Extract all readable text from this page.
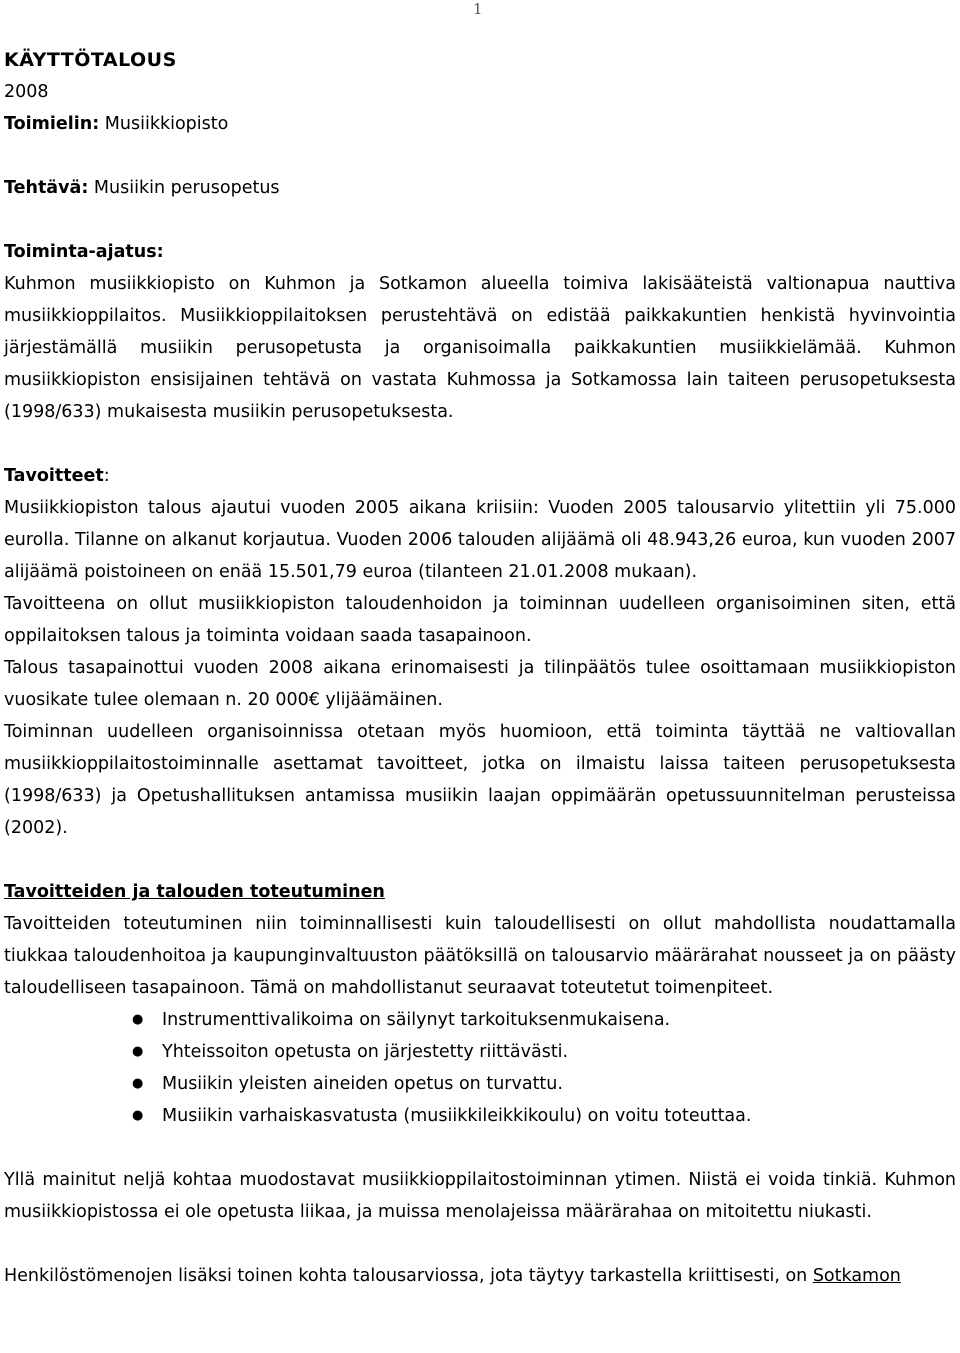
1

KÄYTTÖTALOUS

2008

Toimielin: Musiikkiopisto

Tehtävä: Musiikin perusopetus

Toiminta-ajatus:

Kuhmon musiikkiopisto on Kuhmon ja Sotkamon alueella toimiva lakisääteistä valtionapua nauttiva musiikkioppilaitos. Musiikkioppilaitoksen perustehtävä on edistää paikkakuntien henkistä hyvinvointia järjestämällä musiikin perusopetusta ja organisoimalla paikkakuntien musiikkielämää. Kuhmon musiikkiopiston ensisijainen tehtävä on vastata Kuhmossa ja Sotkamossa lain taiteen perusopetuksesta (1998/633) mukaisesta musiikin perusopetuksesta.

Tavoitteet:

Musiikkiopiston talous ajautui vuoden 2005 aikana kriisiin: Vuoden 2005 talousarvio ylitettiin yli 75.000 eurolla. Tilanne on alkanut korjautua. Vuoden 2006 talouden alijäämä oli 48.943,26 euroa, kun vuoden 2007 alijäämä poistoineen on enää 15.501,79 euroa (tilanteen 21.01.2008 mukaan).

Tavoitteena on ollut musiikkiopiston taloudenhoidon ja toiminnan uudelleen organisoiminen siten, että oppilaitoksen talous ja toiminta voidaan saada tasapainoon.

Talous tasapainottui vuoden 2008 aikana erinomaisesti ja tilinpäätös tulee osoittamaan musiikkiopiston vuosikate tulee olemaan n. 20 000€ ylijäämäinen.

Toiminnan uudelleen organisoinnissa otetaan myös huomioon, että toiminta täyttää ne valtiovallan musiikkioppilaitostoiminnalle asettamat tavoitteet, jotka on ilmaistu laissa taiteen perusopetuksesta (1998/633) ja Opetushallituksen antamissa musiikin laajan oppimäärän opetussuunnitelman perusteissa (2002).

Tavoitteiden ja talouden toteutuminen

Tavoitteiden toteutuminen niin toiminnallisesti kuin taloudellisesti on ollut mahdollista noudattamalla tiukkaa taloudenhoitoa ja kaupunginvaltuuston päätöksillä on talousarvio määrärahat nousseet ja on päästy taloudelliseen tasapainoon. Tämä on mahdollistanut seuraavat toteutetut toimenpiteet.

● Instrumenttivalikoima on säilynyt tarkoituksenmukaisena.
● Yhteissoiton opetusta on järjestetty riittävästi.
● Musiikin yleisten aineiden opetus on turvattu.
● Musiikin varhaiskasvatusta (musiikkileikkikoulu) on voitu toteuttaa.

Yllä mainitut neljä kohtaa muodostavat musiikkioppilaitostoiminnan ytimen. Niistä ei voida tinkiä. Kuhmon musiikkiopistossa ei ole opetusta liikaa, ja muissa menolajeissa määrärahaa on mitoitettu niukasti.

Henkilöstömenojen lisäksi toinen kohta talousarviossa, jota täytyy tarkastella kriittisesti, on Sotkamon
